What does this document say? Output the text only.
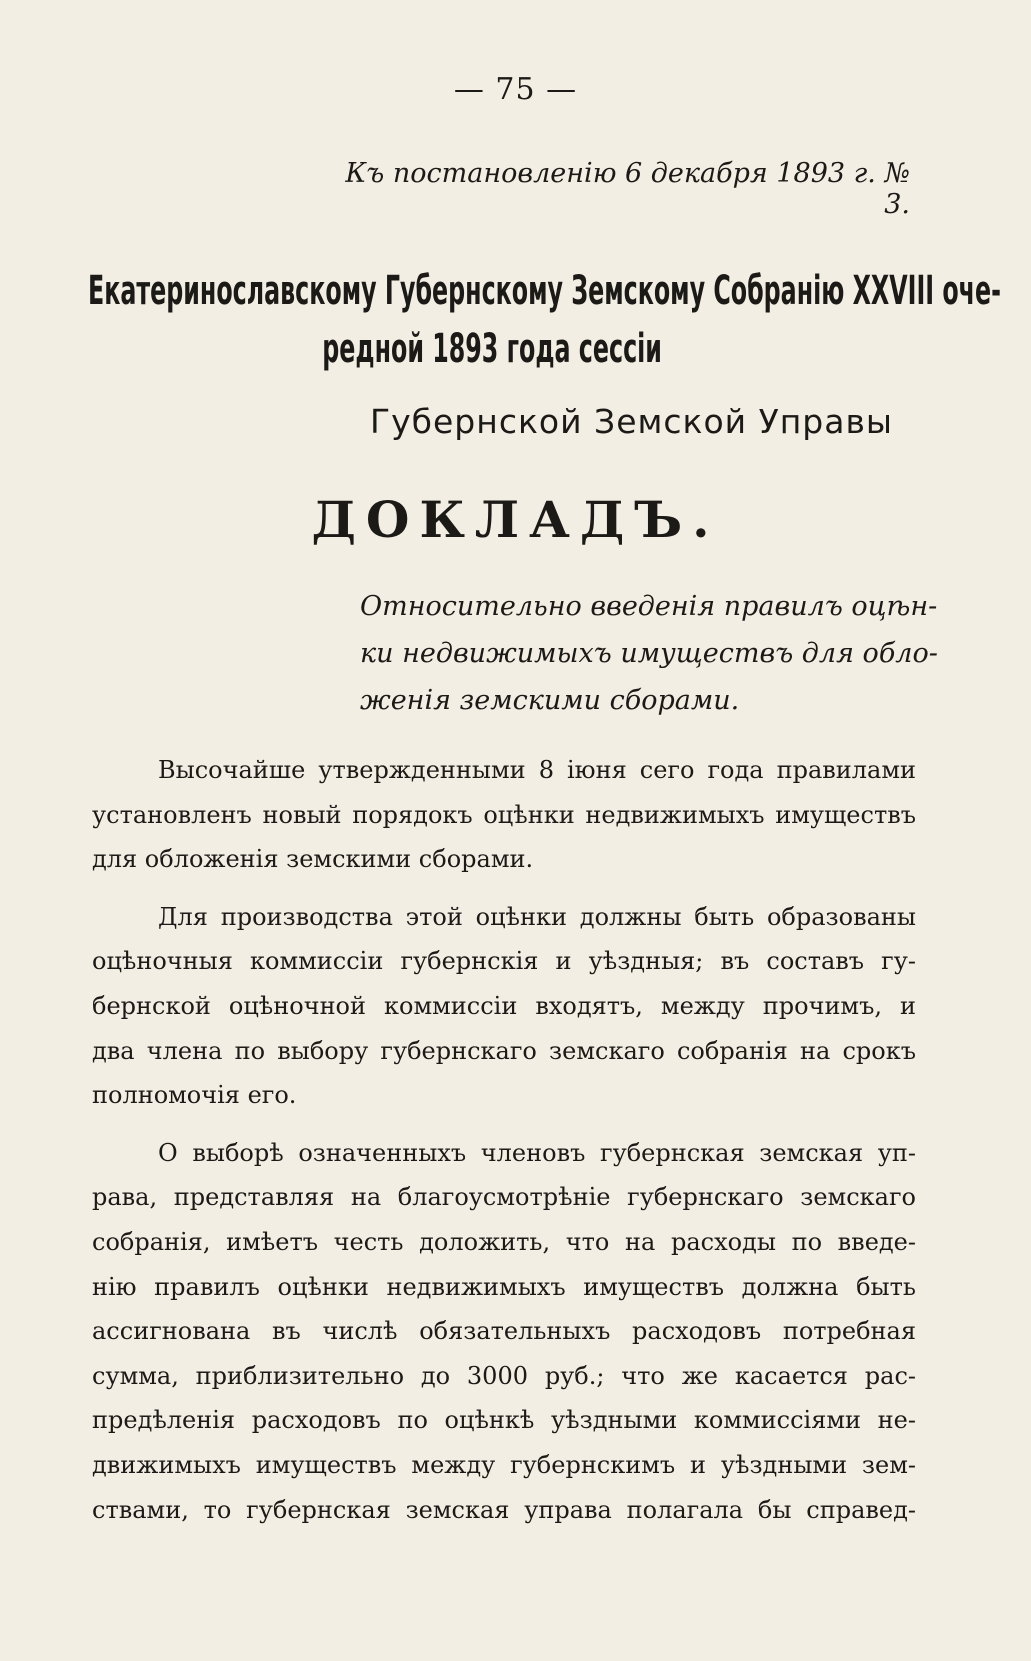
— 75 —
Къ постановленію 6 декабря 1893 г. № 3.
Екатеринославскому Губернскому Земскому Собранію XXVIII оче-
редной 1893 года сессіи
Губернской Земской Управы
ДОКЛАДЪ.
Относительно введенія правилъ оцѣн-
ки недвижимыхъ имуществъ для обло-
женія земскими сборами.
Высочайше утвержденными 8 іюня сего года правилами
установленъ новый порядокъ оцѣнки недвижимыхъ имуществъ
для обложенія земскими сборами.
Для производства этой оцѣнки должны быть образованы
оцѣночныя коммиссіи губернскія и уѣздныя; въ составъ гу-
бернской оцѣночной коммиссіи входятъ, между прочимъ, и
два члена по выбору губернскаго земскаго собранія на срокъ
полномочія его.
О выборѣ означенныхъ членовъ губернская земская уп-
рава, представляя на благоусмотрѣніе губернскаго земскаго
собранія, имѣетъ честь доложить, что на расходы по введе-
нію правилъ оцѣнки недвижимыхъ имуществъ должна быть
ассигнована въ числѣ обязательныхъ расходовъ потребная
сумма, приблизительно до 3000 руб.; что же касается рас-
предѣленія расходовъ по оцѣнкѣ уѣздными коммиссіями не-
движимыхъ имуществъ между губернскимъ и уѣздными зем-
ствами, то губернская земская управа полагала бы справед-
